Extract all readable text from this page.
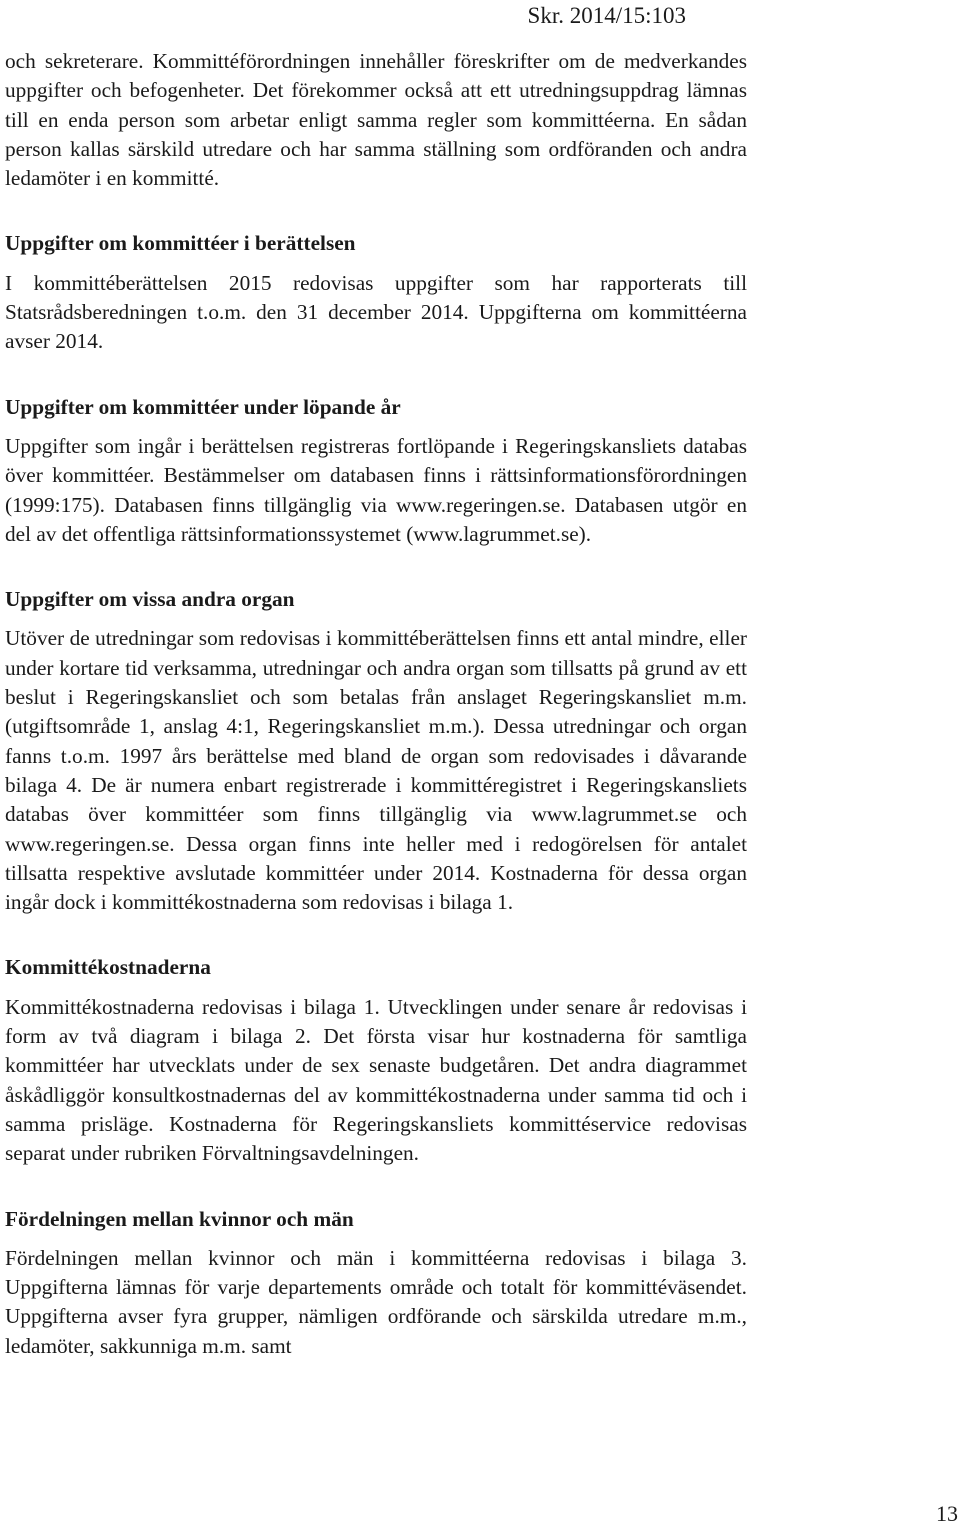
Skr. 2014/15:103

och sekreterare. Kommittéförordningen innehåller föreskrifter om de medverkandes uppgifter och befogenheter. Det förekommer också att ett utredningsuppdrag lämnas till en enda person som arbetar enligt samma regler som kommittéerna. En sådan person kallas särskild utredare och har samma ställning som ordföranden och andra ledamöter i en kommitté.

Uppgifter om kommittéer i berättelsen

I kommittéberättelsen 2015 redovisas uppgifter som har rapporterats till Statsrådsberedningen t.o.m. den 31 december 2014. Uppgifterna om kommittéerna avser 2014.

Uppgifter om kommittéer under löpande år

Uppgifter som ingår i berättelsen registreras fortlöpande i Regeringskansliets databas över kommittéer. Bestämmelser om databasen finns i rättsinformationsförordningen (1999:175). Databasen finns tillgänglig via www.regeringen.se. Databasen utgör en del av det offentliga rättsinformationssystemet (www.lagrummet.se).

Uppgifter om vissa andra organ

Utöver de utredningar som redovisas i kommittéberättelsen finns ett antal mindre, eller under kortare tid verksamma, utredningar och andra organ som tillsatts på grund av ett beslut i Regeringskansliet och som betalas från anslaget Regeringskansliet m.m. (utgiftsområde 1, anslag 4:1, Regeringskansliet m.m.). Dessa utredningar och organ fanns t.o.m. 1997 års berättelse med bland de organ som redovisades i dåvarande bilaga 4. De är numera enbart registrerade i kommittéregistret i Regeringskansliets databas över kommittéer som finns tillgänglig via www.lagrummet.se och www.regeringen.se. Dessa organ finns inte heller med i redogörelsen för antalet tillsatta respektive avslutade kommittéer under 2014. Kostnaderna för dessa organ ingår dock i kommittékostnaderna som redovisas i bilaga 1.

Kommittékostnaderna

Kommittékostnaderna redovisas i bilaga 1. Utvecklingen under senare år redovisas i form av två diagram i bilaga 2. Det första visar hur kostnaderna för samtliga kommittéer har utvecklats under de sex senaste budgetåren. Det andra diagrammet åskådliggör konsultkostnadernas del av kommittékostnaderna under samma tid och i samma prisläge. Kostnaderna för Regeringskansliets kommittéservice redovisas separat under rubriken Förvaltningsavdelningen.

Fördelningen mellan kvinnor och män

Fördelningen mellan kvinnor och män i kommittéerna redovisas i bilaga 3. Uppgifterna lämnas för varje departements område och totalt för kommittéväsendet. Uppgifterna avser fyra grupper, nämligen ordförande och särskilda utredare m.m., ledamöter, sakkunniga m.m. samt

13
